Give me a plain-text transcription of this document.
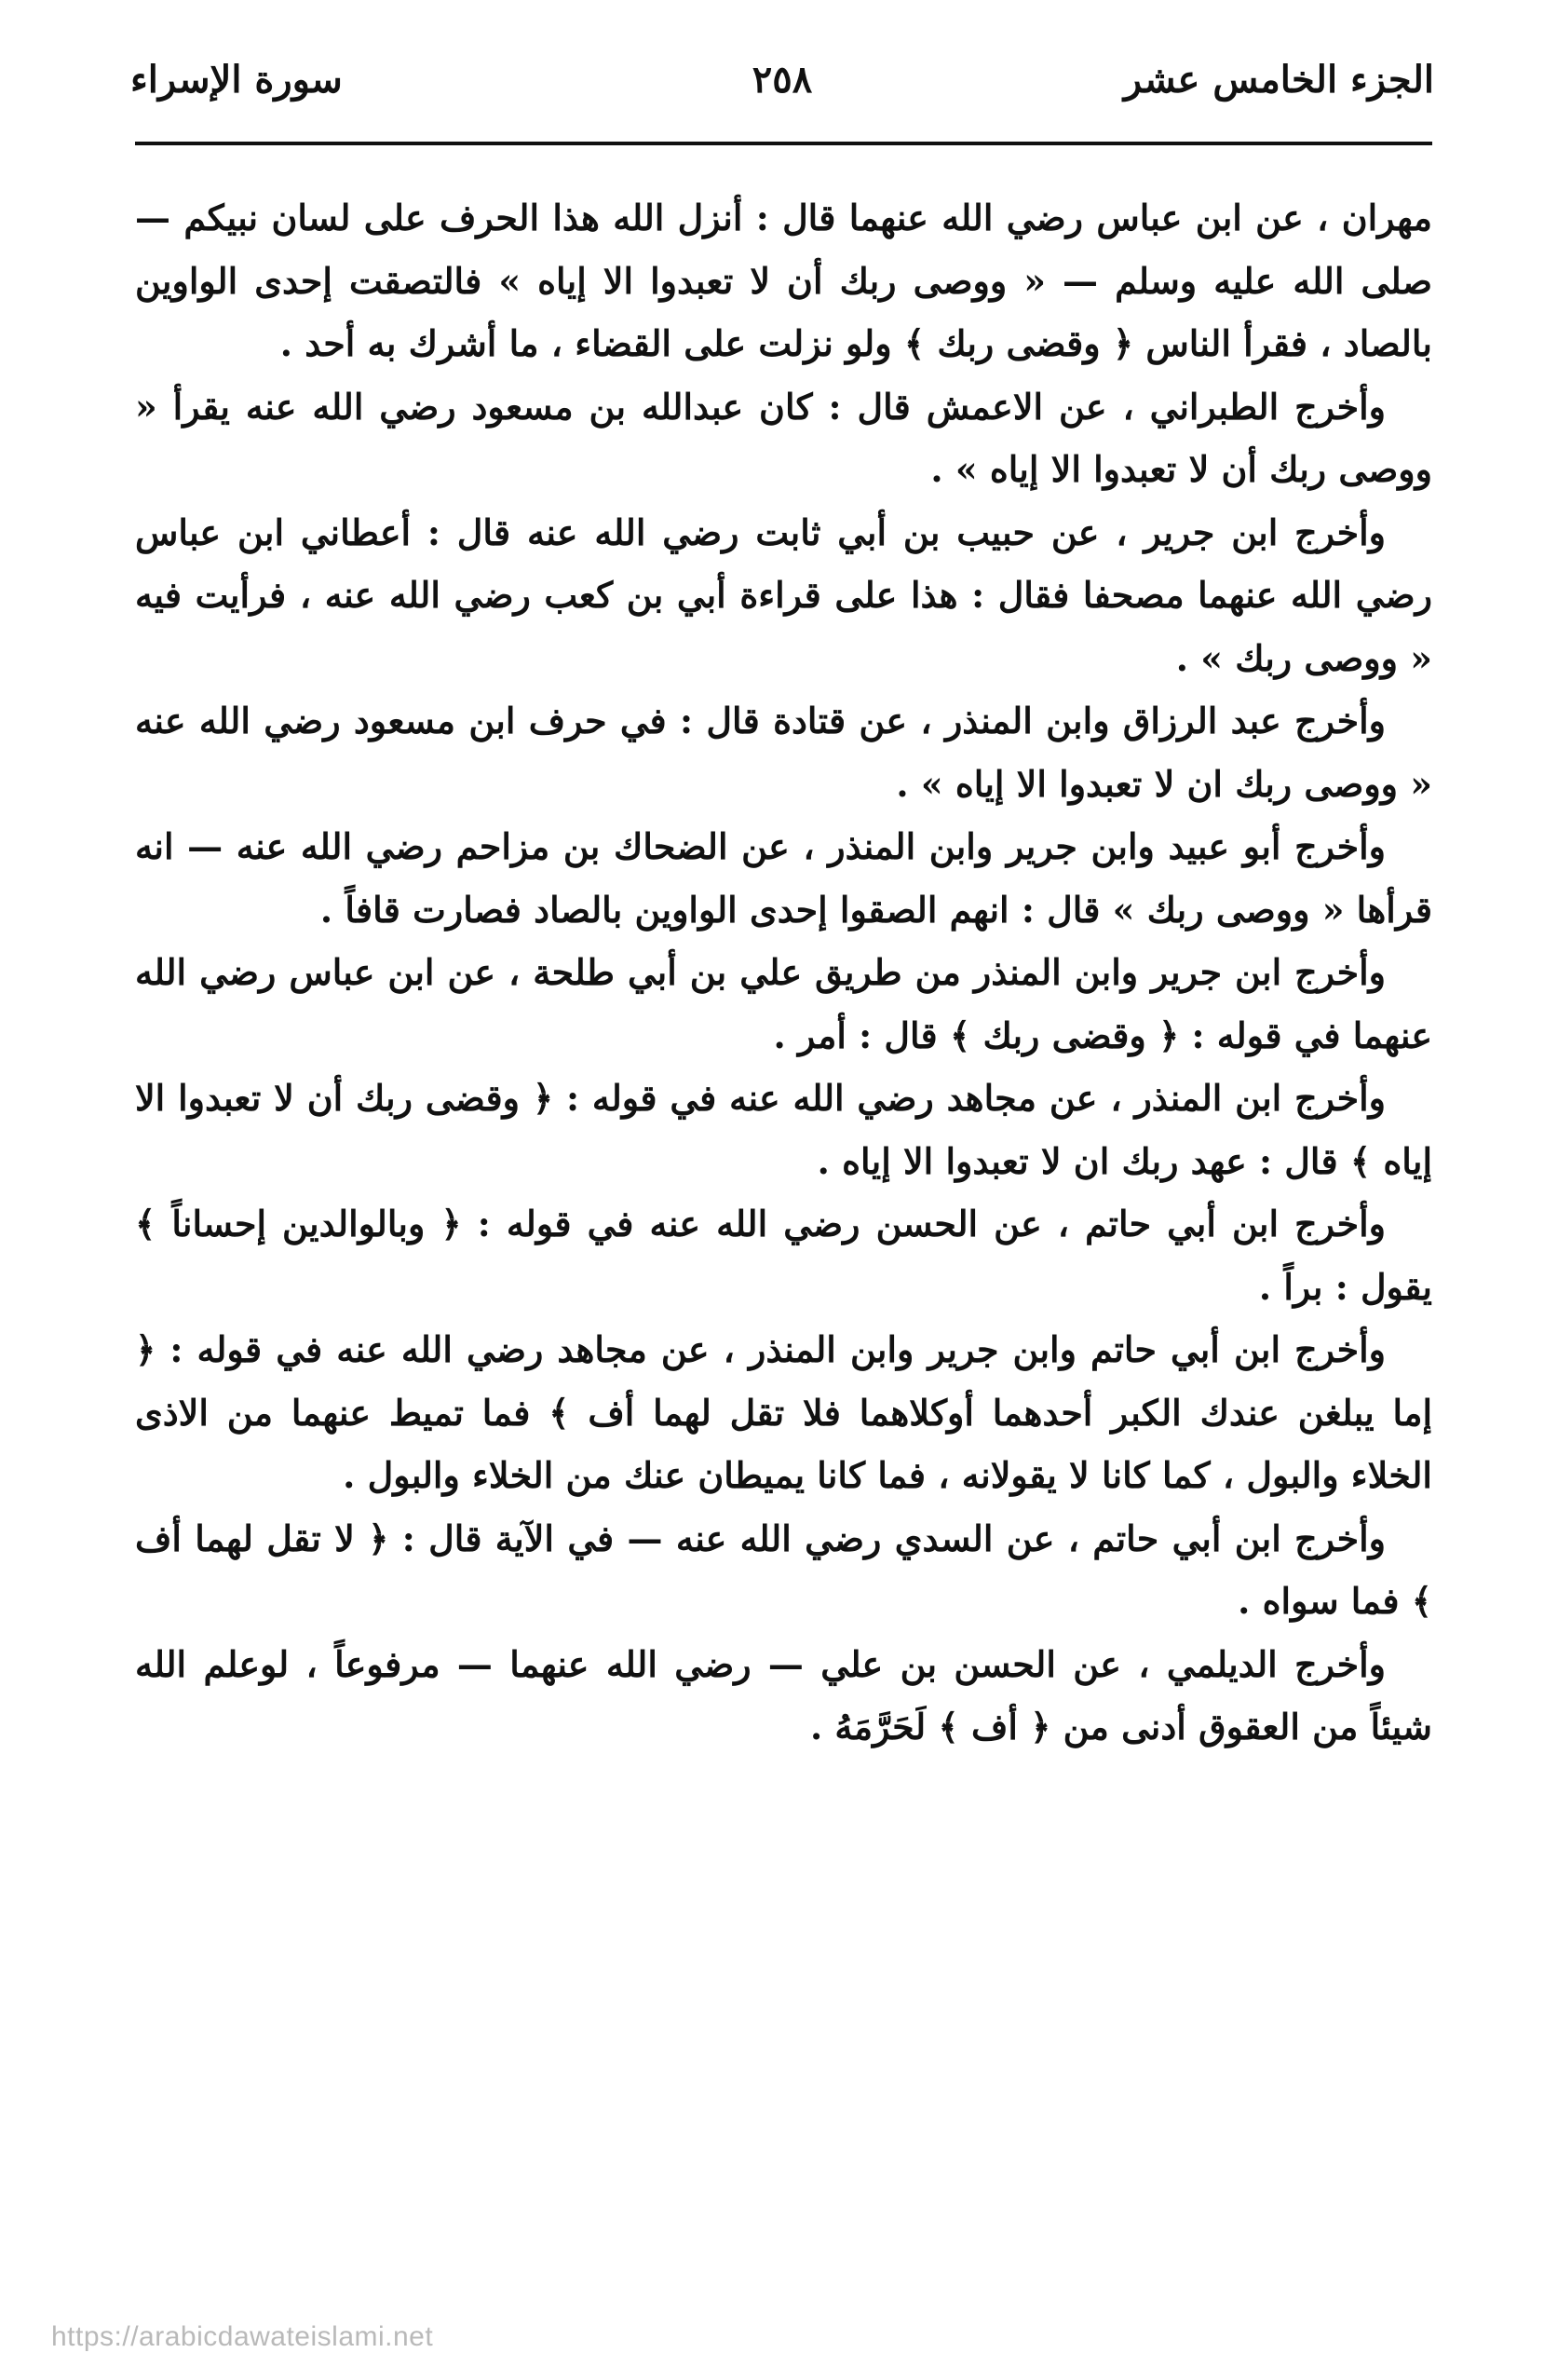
الجزء الخامس عشر
٢٥٨
سورة الإسراء

مهران ، عن ابن عباس رضي الله عنهما قال : أنزل الله هذا الحرف على لسان نبيكم — صلى الله عليه وسلم — « ووصى ربك أن لا تعبدوا الا إياه » فالتصقت إحدى الواوين بالصاد ، فقرأ الناس ﴿ وقضى ربك ﴾ ولو نزلت على القضاء ، ما أشرك به أحد .

وأخرج الطبراني ، عن الاعمش قال : كان عبدالله بن مسعود رضي الله عنه يقرأ « ووصى ربك أن لا تعبدوا الا إياه » .

وأخرج ابن جرير ، عن حبيب بن أبي ثابت رضي الله عنه قال : أعطاني ابن عباس رضي الله عنهما مصحفا فقال : هذا على قراءة أبي بن كعب رضي الله عنه ، فرأيت فيه « ووصى ربك » .

وأخرج عبد الرزاق وابن المنذر ، عن قتادة قال : في حرف ابن مسعود رضي الله عنه « ووصى ربك ان لا تعبدوا الا إياه » .

وأخرج أبو عبيد وابن جرير وابن المنذر ، عن الضحاك بن مزاحم رضي الله عنه — انه قرأها « ووصى ربك » قال : انهم الصقوا إحدى الواوين بالصاد فصارت قافاً .

وأخرج ابن جرير وابن المنذر من طريق علي بن أبي طلحة ، عن ابن عباس رضي الله عنهما في قوله : ﴿ وقضى ربك ﴾ قال : أمر .

وأخرج ابن المنذر ، عن مجاهد رضي الله عنه في قوله : ﴿ وقضى ربك أن لا تعبدوا الا إياه ﴾ قال : عهد ربك ان لا تعبدوا الا إياه .

وأخرج ابن أبي حاتم ، عن الحسن رضي الله عنه في قوله : ﴿ وبالوالدين إحساناً ﴾ يقول : براً .

وأخرج ابن أبي حاتم وابن جرير وابن المنذر ، عن مجاهد رضي الله عنه في قوله : ﴿ إما يبلغن عندك الكبر أحدهما أوكلاهما فلا تقل لهما أف ﴾ فما تميط عنهما من الاذى الخلاء والبول ، كما كانا لا يقولانه ، فما كانا يميطان عنك من الخلاء والبول .

وأخرج ابن أبي حاتم ، عن السدي رضي الله عنه — في الآية قال : ﴿ لا تقل لهما أف ﴾ فما سواه .

وأخرج الديلمي ، عن الحسن بن علي — رضي الله عنهما — مرفوعاً ، لوعلم الله شيئاً من العقوق أدنى من ﴿ أف ﴾ لَحَرَّمَهُ .

https://arabicdawateislami.net
